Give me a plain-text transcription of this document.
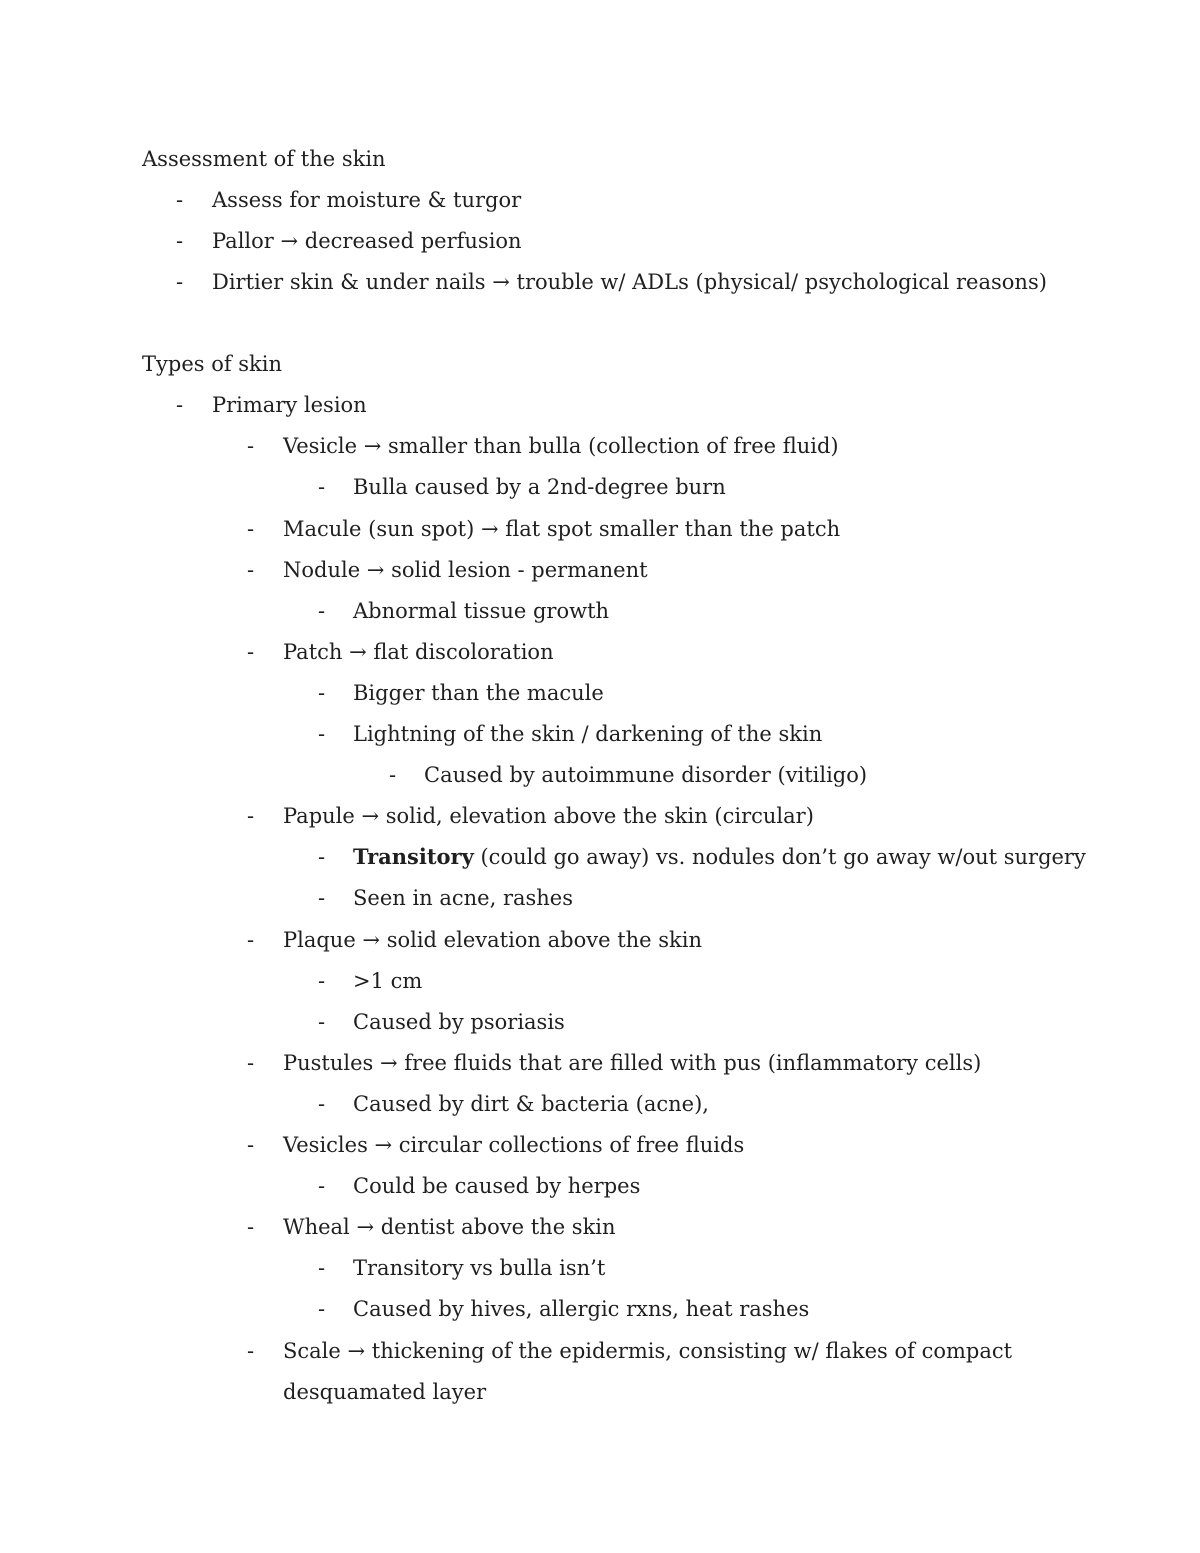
Assessment of the skin
-	Assess for moisture & turgor
-	Pallor → decreased perfusion
-	Dirtier skin & under nails → trouble w/ ADLs (physical/ psychological reasons)
Types of skin
-	Primary lesion
-	Vesicle → smaller than bulla (collection of free fluid)
-	Bulla caused by a 2nd-degree burn
-	Macule (sun spot) → flat spot smaller than the patch
-	Nodule → solid lesion - permanent
-	Abnormal tissue growth
-	Patch → flat discoloration
-	Bigger than the macule
-	Lightning of the skin / darkening of the skin
-	Caused by autoimmune disorder (vitiligo)
-	Papule → solid, elevation above the skin (circular)
-	Transitory (could go away) vs. nodules don’t go away w/out surgery
-	Seen in acne, rashes
-	Plaque → solid elevation above the skin
-	>1 cm
-	Caused by psoriasis
-	Pustules → free fluids that are filled with pus (inflammatory cells)
-	Caused by dirt & bacteria (acne),
-	Vesicles → circular collections of free fluids
-	Could be caused by herpes
-	Wheal → dentist above the skin
-	Transitory vs bulla isn’t
-	Caused by hives, allergic rxns, heat rashes
-	Scale → thickening of the epidermis, consisting w/ flakes of compact
desquamated layer
